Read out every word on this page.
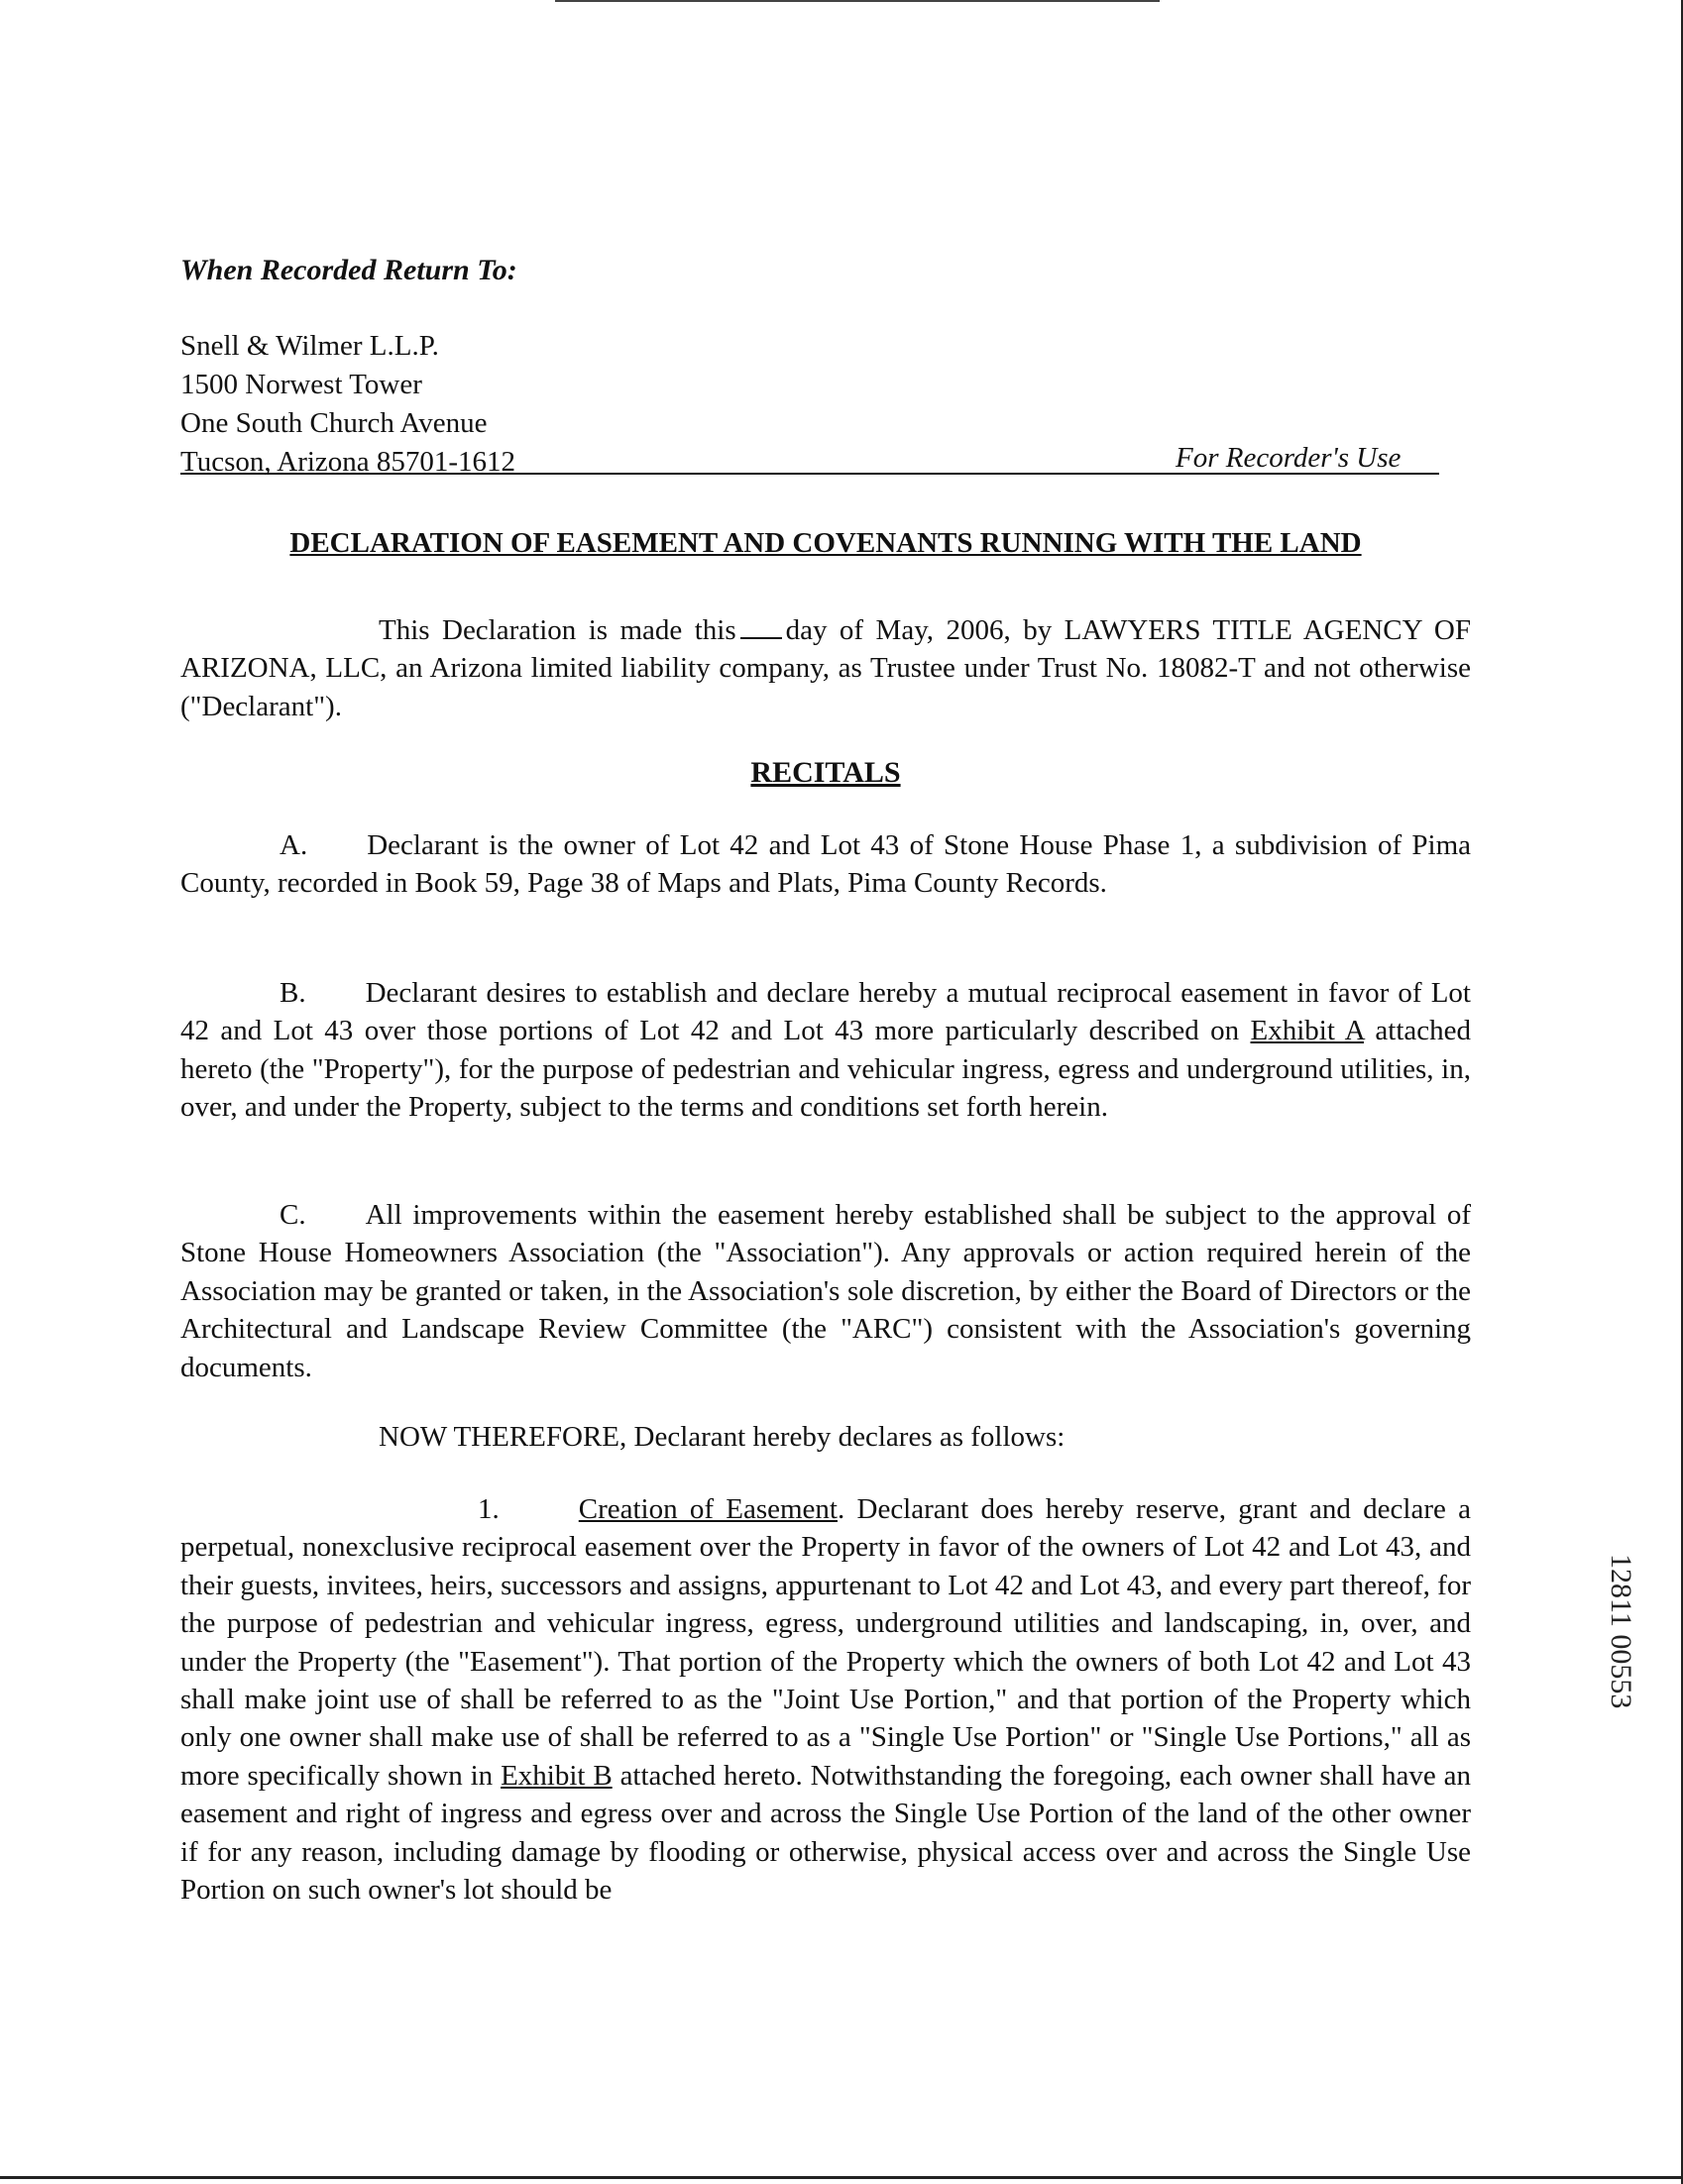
When Recorded Return To:
Snell & Wilmer L.L.P.
1500 Norwest Tower
One South Church Avenue
Tucson, Arizona 85701-1612	For Recorder's Use
DECLARATION OF EASEMENT AND COVENANTS RUNNING WITH THE LAND

This Declaration is made this day of May, 2006, by LAWYERS TITLE AGENCY OF ARIZONA, LLC, an Arizona limited liability company, as Trustee under Trust No. 18082-T and not otherwise ("Declarant").

RECITALS

A. Declarant is the owner of Lot 42 and Lot 43 of Stone House Phase 1, a subdivision of Pima County, recorded in Book 59, Page 38 of Maps and Plats, Pima County Records.

B. Declarant desires to establish and declare hereby a mutual reciprocal easement in favor of Lot 42 and Lot 43 over those portions of Lot 42 and Lot 43 more particularly described on Exhibit A attached hereto (the "Property"), for the purpose of pedestrian and vehicular ingress, egress and underground utilities, in, over, and under the Property, subject to the terms and conditions set forth herein.

C. All improvements within the easement hereby established shall be subject to the approval of Stone House Homeowners Association (the "Association"). Any approvals or action required herein of the Association may be granted or taken, in the Association's sole discretion, by either the Board of Directors or the Architectural and Landscape Review Committee (the "ARC") consistent with the Association's governing documents.

NOW THEREFORE, Declarant hereby declares as follows:

1.	Creation of Easement. Declarant does hereby reserve, grant and declare a perpetual, nonexclusive reciprocal easement over the Property in favor of the owners of Lot 42 and Lot 43, and their guests, invitees, heirs, successors and assigns, appurtenant to Lot 42 and Lot 43, and every part thereof, for the purpose of pedestrian and vehicular ingress, egress, underground utilities and landscaping, in, over, and under the Property (the "Easement"). That portion of the Property which the owners of both Lot 42 and Lot 43 shall make joint use of shall be referred to as the "Joint Use Portion," and that portion of the Property which only one owner shall make use of shall be referred to as a "Single Use Portion" or "Single Use Portions," all as more specifically shown in Exhibit B attached hereto. Notwithstanding the foregoing, each owner shall have an easement and right of ingress and egress over and across the Single Use Portion of the land of the other owner if for any reason, including damage by flooding or otherwise, physical access over and across the Single Use Portion on such owner's lot should be

12811 00553
